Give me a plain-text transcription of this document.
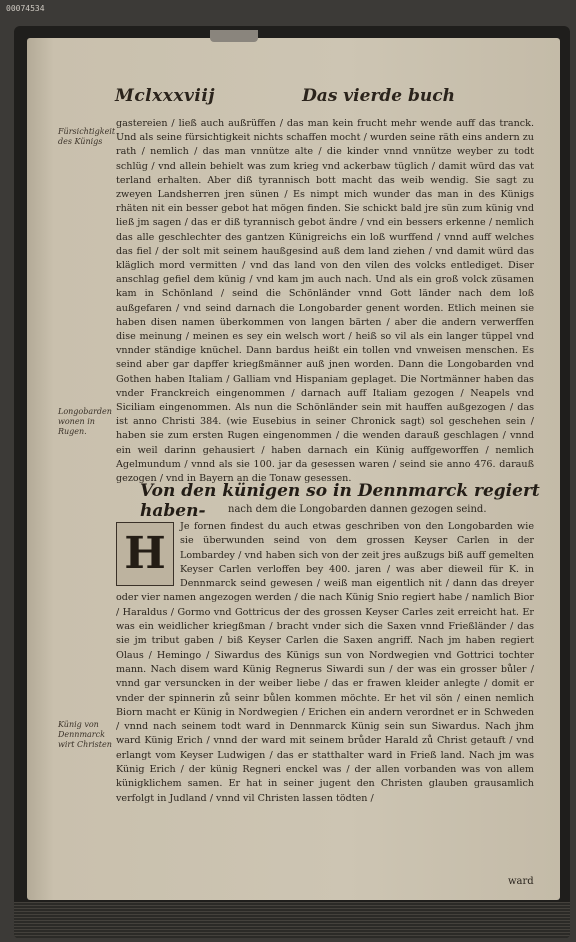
00074534
Mclxxxviij	Das vierde buch
Fürsichtigkeit des Künigs
Longobarden wonen in Rugen.
Künig von Dennmarck wirt Christen

gastereien / ließ auch außrüffen / das man kein frucht mehr wende auff das tranck. Und als seine fürsichtigkeit nichts schaffen mocht / wurden seine räth eins andern zu rath / nemlich / das man vnnütze alte / die kinder vnnd vnnütze weyber zu todt schlüg / vnd allein behielt was zum krieg vnd ackerbaw tüglich / damit würd das vat terland erhalten. Aber diß tyrannisch bott macht das weib wendig. Sie sagt zu zweyen Landsherren jren sünen / Es nimpt mich wunder das man in des Künigs rhäten nit ein besser gebot hat mögen finden. Sie schickt bald jre sün zum künig vnd ließ jm sagen / das er diß tyrannisch gebot ändre / vnd ein bessers erkenne / nemlich das alle geschlechter des gantzen Künigreichs ein loß wurffend / vnnd auff welches das fiel / der solt mit seinem haußgesind auß dem land ziehen / vnd damit würd das kläglich mord vermitten / vnd das land von den vilen des volcks entlediget. Diser anschlag gefiel dem künig / vnd kam jm auch nach. Und als ein groß volck züsamen kam in Schönland / seind die Schönländer vnnd Gott länder nach dem loß außgefaren / vnd seind darnach die Longobarder genent worden. Etlich meinen sie haben disen namen überkommen von langen bärten / aber die andern verwerffen dise meinung / meinen es sey ein welsch wort / heiß so vil als ein langer tüppel vnd vnnder ständige knüchel. Dann bardus heißt ein tollen vnd vnweisen menschen. Es seind aber gar dapffer kriegßmänner auß jnen worden. Dann die Longobarden vnd Gothen haben Italiam / Galliam vnd Hispaniam geplaget. Die Nortmänner haben das vnder Franckreich eingenommen / darnach auff Italiam gezogen / Neapels vnd Siciliam eingenommen. Als nun die Schönländer sein mit hauffen außgezogen / das ist anno Christi 384. (wie Eusebius in seiner Chronick sagt) sol geschehen sein / haben sie zum ersten Rugen eingenommen / die wenden darauß geschlagen / vnnd ein weil darinn gehausiert / haben darnach ein Künig auffgeworffen / nemlich Agelmundum / vnnd als sie 100. jar da gesessen waren / seind sie anno 476. darauß gezogen / vnd in Bayern an die Tonaw gesessen.

Von den künigen so in Dennmarck regiert haben-	nach dem die Longobarden dannen gezogen seind.
H

Je fornen findest du auch etwas geschriben von den Longobarden wie sie überwunden seind von dem grossen Keyser Carlen in der Lombardey / vnd haben sich von der zeit jres außzugs biß auff gemelten Keyser Carlen verloffen bey 400. jaren / was aber dieweil für K. in Dennmarck seind gewesen / weiß man eigentlich nit / dann das dreyer oder vier namen angezogen werden / die nach Künig Snio regiert habe / namlich Bior / Haraldus / Gormo vnd Gottricus der des grossen Keyser Carles zeit erreicht hat. Er was ein weidlicher kriegßman / bracht vnder sich die Saxen vnnd Frießländer / das sie jm tribut gaben / biß Keyser Carlen die Saxen angriff. Nach jm haben regiert Olaus / Hemingo / Siwardus des Künigs sun von Nordwegien vnd Gottrici tochter mann. Nach disem ward Künig Regnerus Siwardi sun / der was ein grosser bůler / vnnd gar versuncken in der weiber liebe / das er frawen kleider anlegte / domit er vnder der spinnerin zů seinr bůlen kommen möchte. Er het vil sön / einen nemlich Biorn macht er Künig in Nordwegien / Erichen ein andern verordnet er in Schweden / vnnd nach seinem todt ward in Dennmarck Künig sein sun Siwardus. Nach jhm ward Künig Erich / vnnd der ward mit seinem brůder Harald zů Christ getauft / vnd erlangt vom Keyser Ludwigen / das er statthalter ward in Frieß land. Nach jm was Künig Erich / der künig Regneri enckel was / der allen vorbanden was von allem künigklichem samen. Er hat in seiner jugent den Christen glauben grausamlich verfolgt in Judland / vnnd vil Christen lassen tödten /

ward
